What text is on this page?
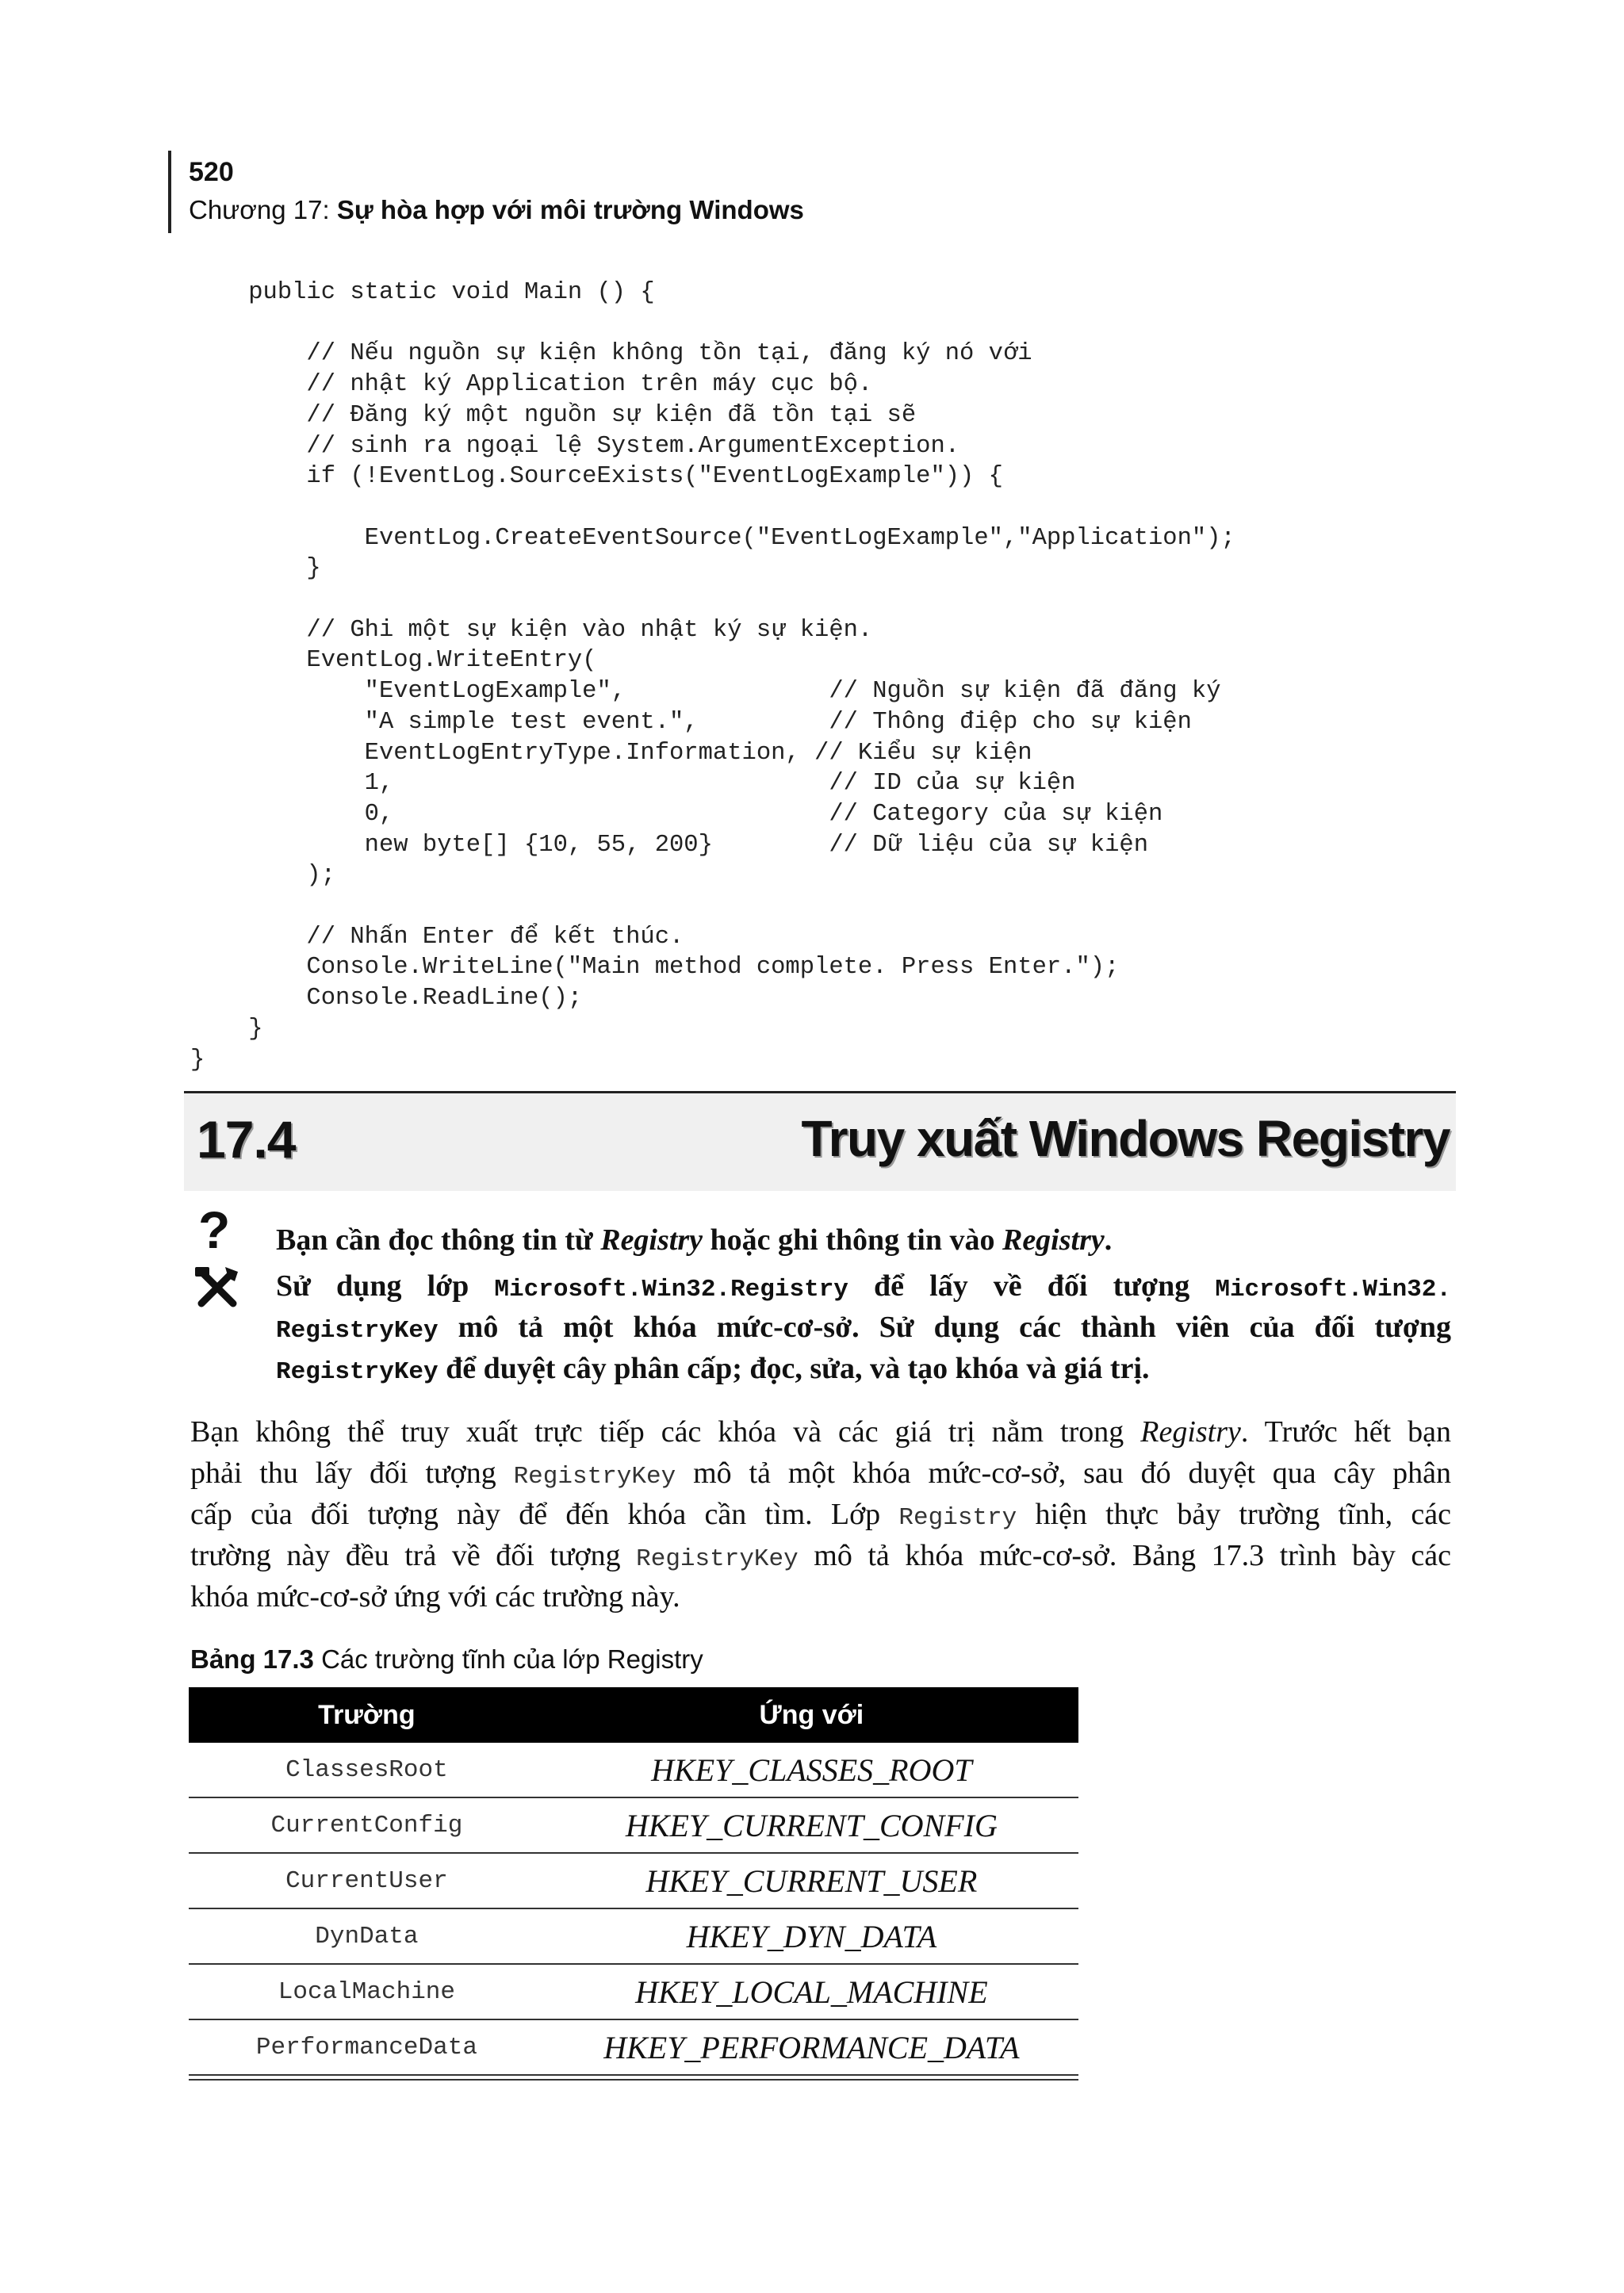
520
Chương 17: Sự hòa hợp với môi trường Windows
public static void Main () {

// Nếu nguồn sự kiện không tồn tại, đăng ký nó với
// nhật ký Application trên máy cục bộ.
// Đăng ký một nguồn sự kiện đã tồn tại sẽ
// sinh ra ngoại lệ System.ArgumentException.
if (!EventLog.SourceExists("EventLogExample")) {

EventLog.CreateEventSource("EventLogExample","Application");
}

// Ghi một sự kiện vào nhật ký sự kiện.
EventLog.WriteEntry(
"EventLogExample",              // Nguồn sự kiện đã đăng ký
"A simple test event.",         // Thông điệp cho sự kiện
EventLogEntryType.Information, // Kiểu sự kiện
1,                              // ID của sự kiện
0,                              // Category của sự kiện
new byte[] {10, 55, 200}        // Dữ liệu của sự kiện
);

// Nhấn Enter để kết thúc.
Console.WriteLine("Main method complete. Press Enter.");
Console.ReadLine();
}
}

17.4	Truy xuất Windows Registry
? Bạn cần đọc thông tin từ Registry hoặc ghi thông tin vào Registry.
Sử dụng lớp Microsoft.Win32.Registry để lấy về đối tượng Microsoft.Win32.
RegistryKey mô tả một khóa mức-cơ-sở. Sử dụng các thành viên của đối tượng
RegistryKey để duyệt cây phân cấp; đọc, sửa, và tạo khóa và giá trị.
Bạn không thể truy xuất trực tiếp các khóa và các giá trị nằm trong Registry. Trước hết bạn
phải thu lấy đối tượng RegistryKey mô tả một khóa mức-cơ-sở, sau đó duyệt qua cây phân
cấp của đối tượng này để đến khóa cần tìm. Lớp Registry hiện thực bảy trường tĩnh, các
trường này đều trả về đối tượng RegistryKey mô tả khóa mức-cơ-sở. Bảng 17.3 trình bày các
khóa mức-cơ-sở ứng với các trường này.
Bảng 17.3 Các trường tĩnh của lớp Registry
Trường	Ứng với
ClassesRoot	HKEY_CLASSES_ROOT
CurrentConfig	HKEY_CURRENT_CONFIG
CurrentUser	HKEY_CURRENT_USER
DynData	HKEY_DYN_DATA
LocalMachine	HKEY_LOCAL_MACHINE
PerformanceData	HKEY_PERFORMANCE_DATA
